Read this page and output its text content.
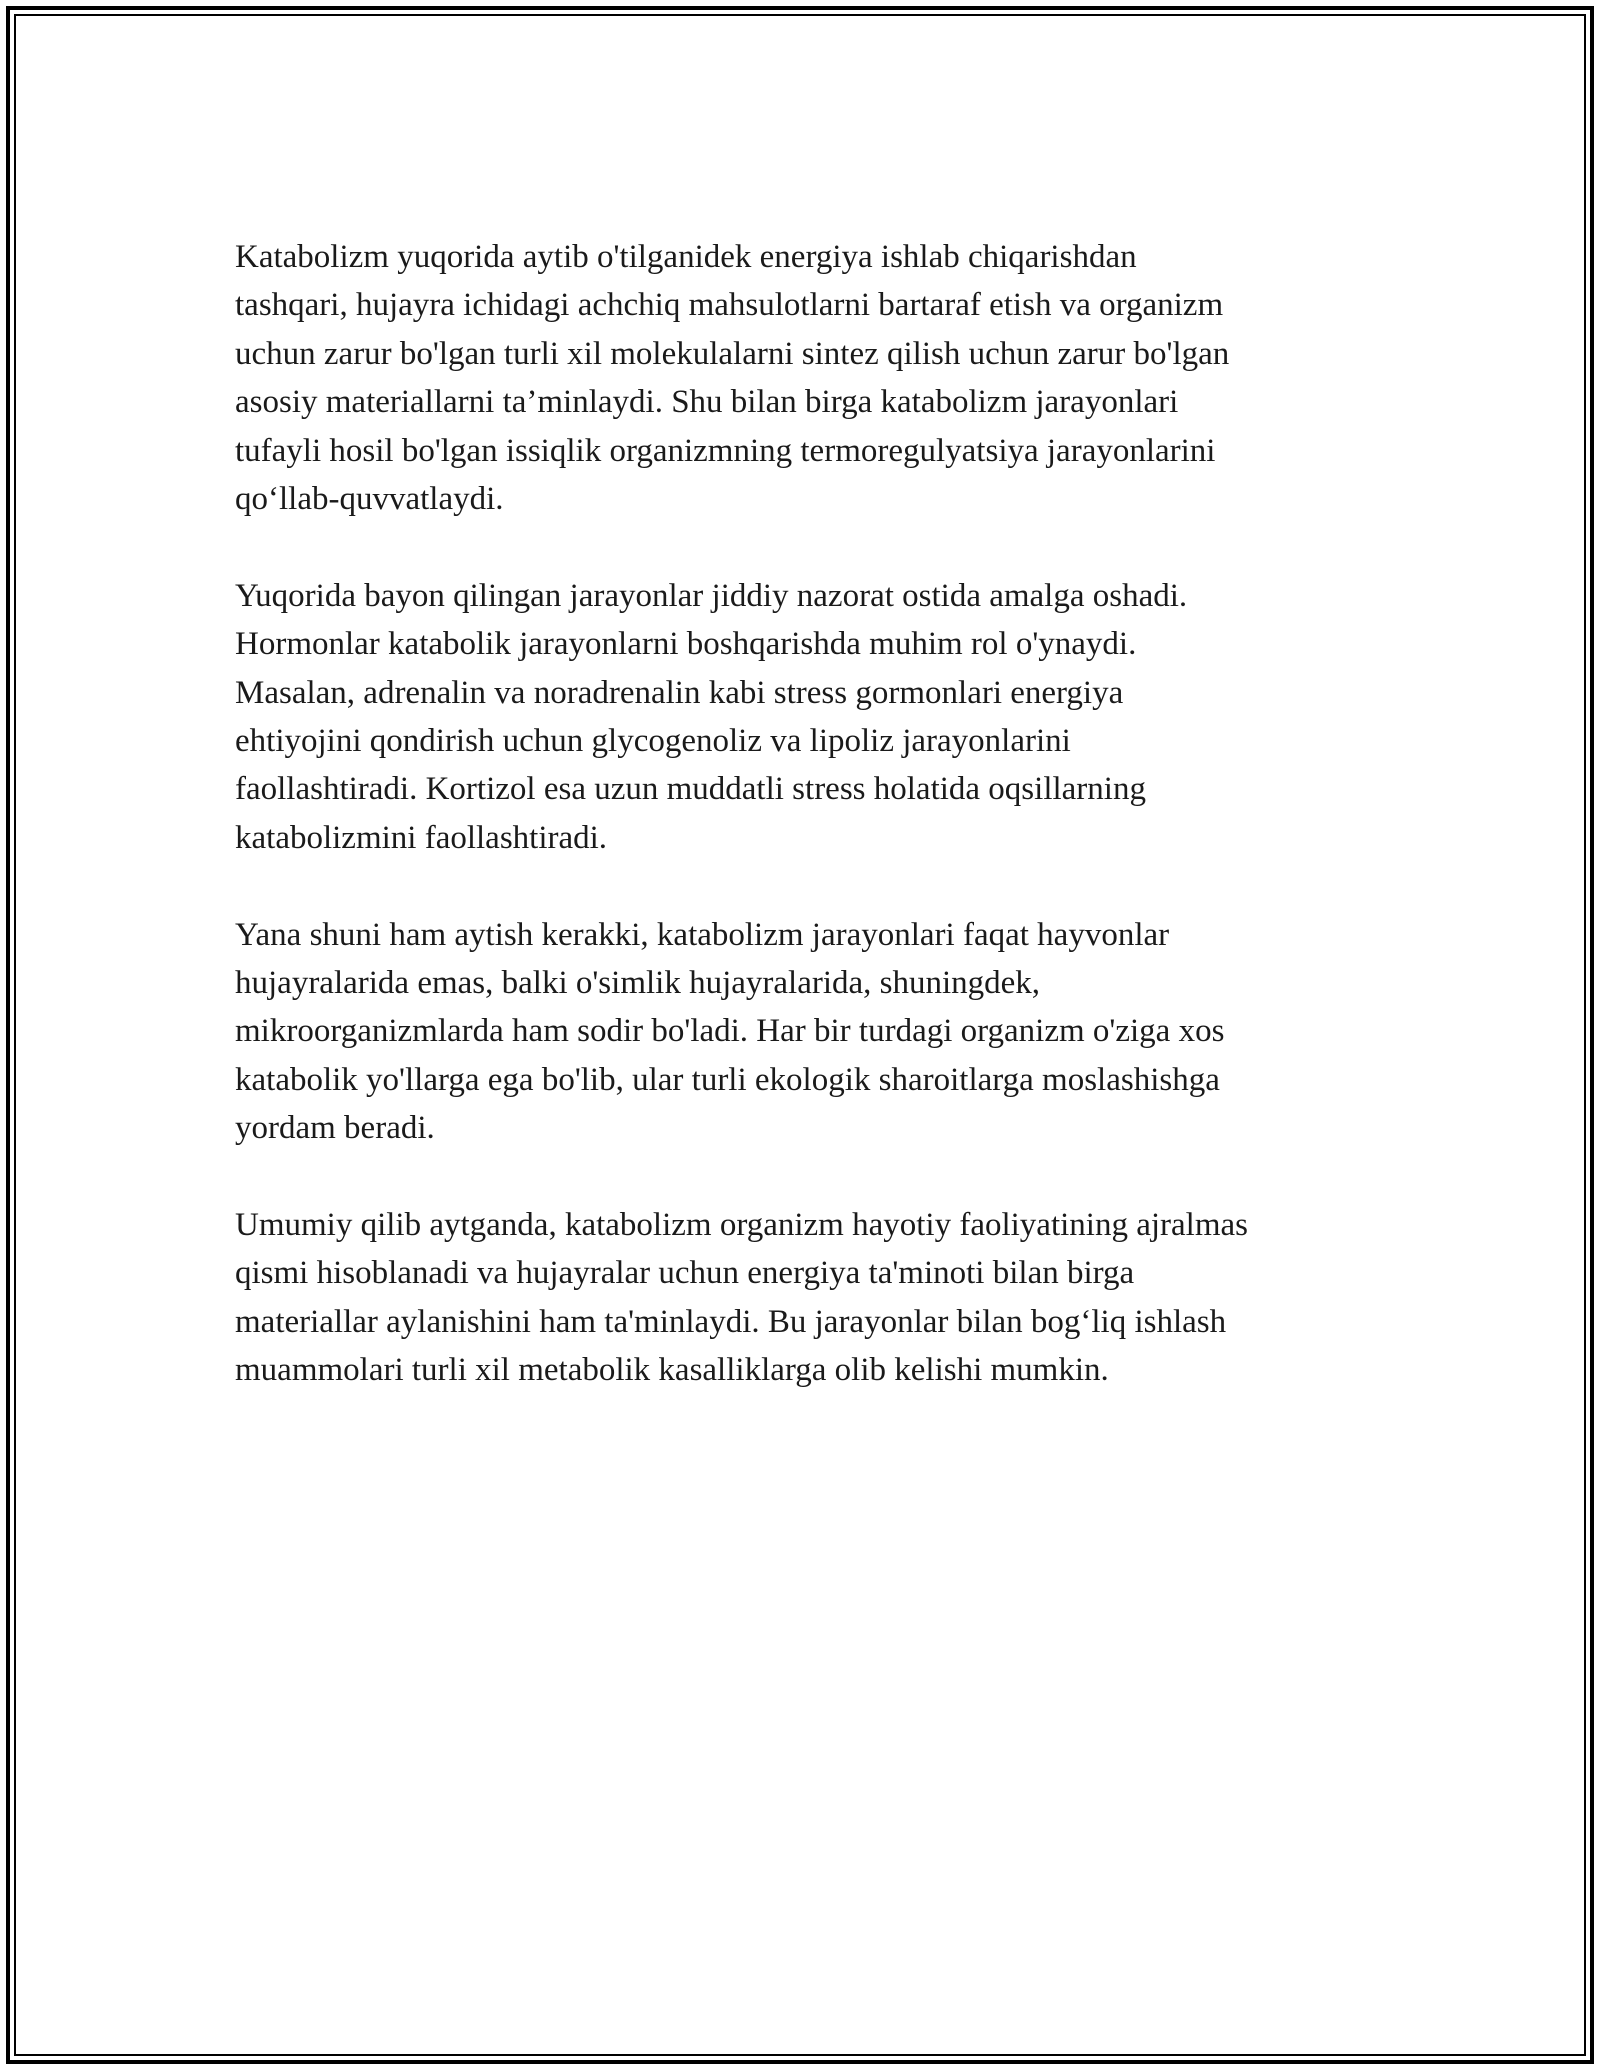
Katabolizm yuqorida aytib o'tilganidek energiya ishlab chiqarishdan
tashqari, hujayra ichidagi achchiq mahsulotlarni bartaraf etish va organizm
uchun zarur bo'lgan turli xil molekulalarni sintez qilish uchun zarur bo'lgan
asosiy materiallarni ta’minlaydi. Shu bilan birga katabolizm jarayonlari
tufayli hosil bo'lgan issiqlik organizmning termoregulyatsiya jarayonlarini
qo‘llab-quvvatlaydi.

Yuqorida bayon qilingan jarayonlar jiddiy nazorat ostida amalga oshadi.
Hormonlar katabolik jarayonlarni boshqarishda muhim rol o'ynaydi.
Masalan, adrenalin va noradrenalin kabi stress gormonlari energiya
ehtiyojini qondirish uchun glycogenoliz va lipoliz jarayonlarini
faollashtiradi. Kortizol esa uzun muddatli stress holatida oqsillarning
katabolizmini faollashtiradi.

Yana shuni ham aytish kerakki, katabolizm jarayonlari faqat hayvonlar
hujayralarida emas, balki o'simlik hujayralarida, shuningdek,
mikroorganizmlarda ham sodir bo'ladi. Har bir turdagi organizm o'ziga xos
katabolik yo'llarga ega bo'lib, ular turli ekologik sharoitlarga moslashishga
yordam beradi.

Umumiy qilib aytganda, katabolizm organizm hayotiy faoliyatining ajralmas
qismi hisoblanadi va hujayralar uchun energiya ta'minoti bilan birga
materiallar aylanishini ham ta'minlaydi. Bu jarayonlar bilan bog‘liq ishlash
muammolari turli xil metabolik kasalliklarga olib kelishi mumkin.
